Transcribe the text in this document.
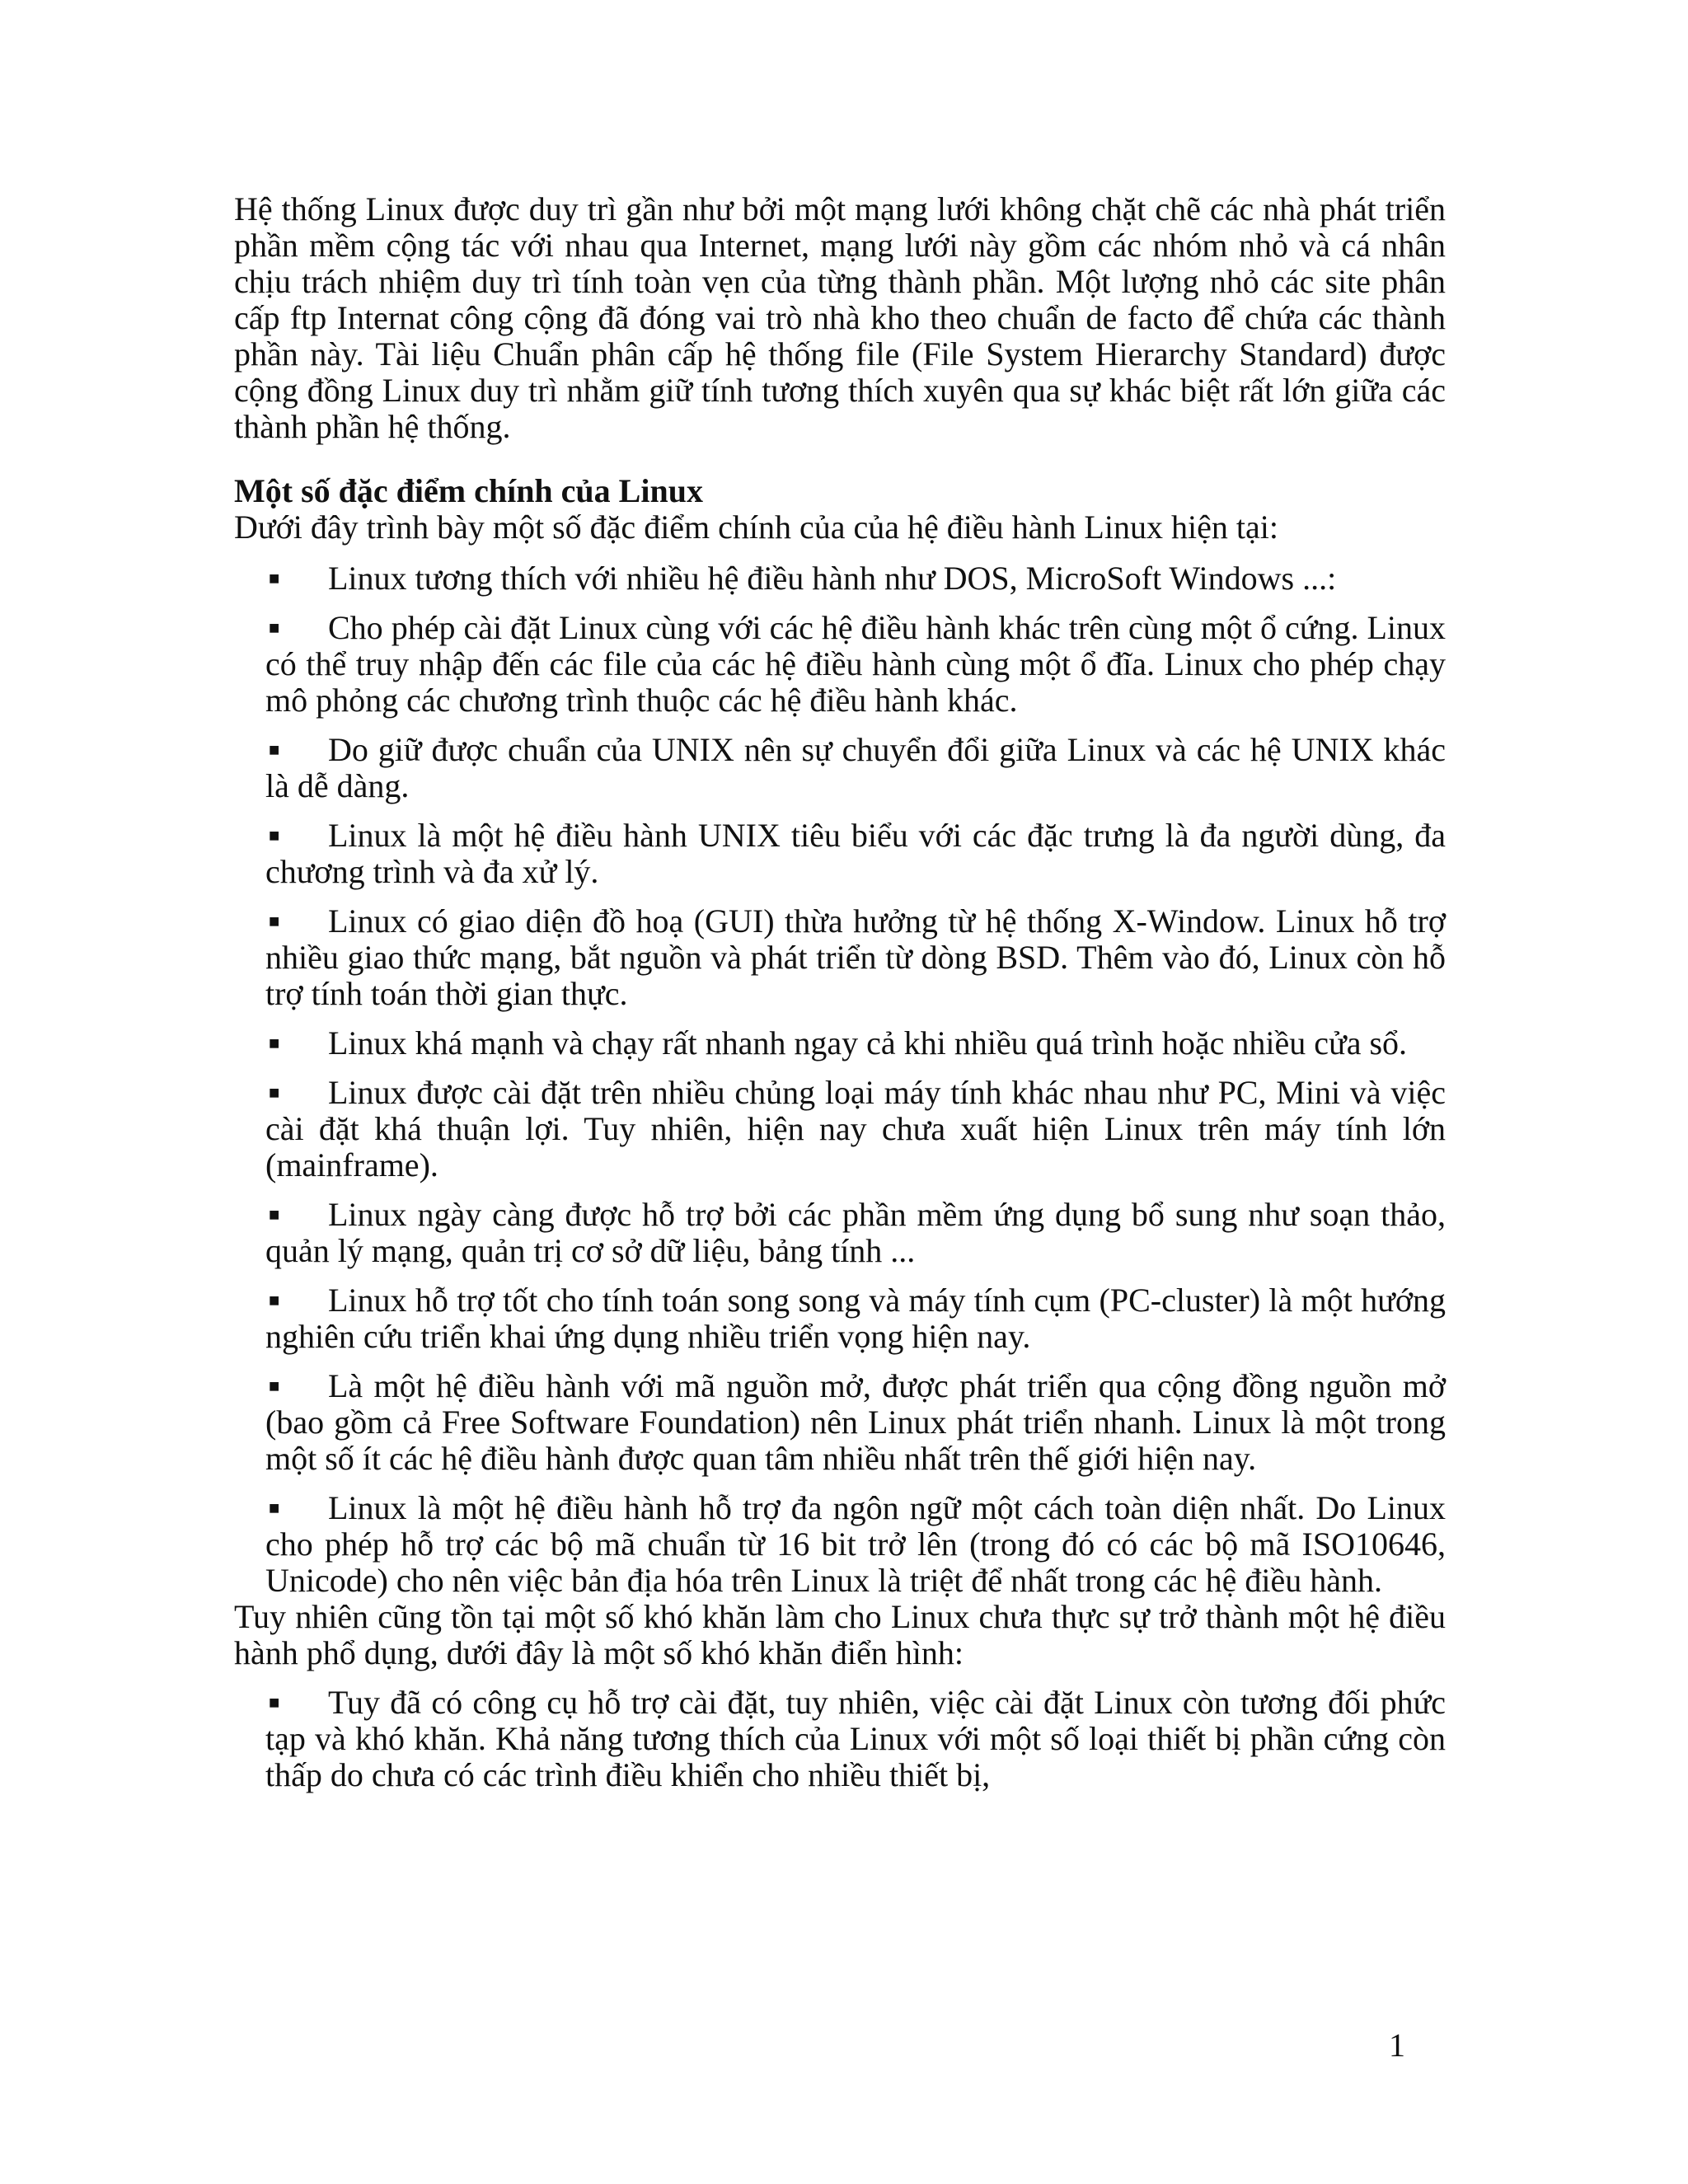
Hệ thống Linux được duy trì gần như bởi một mạng lưới không chặt chẽ các nhà phát triển phần mềm cộng tác với nhau qua Internet, mạng lưới này gồm các nhóm nhỏ và cá nhân chịu trách nhiệm duy trì tính toàn vẹn của từng thành phần. Một lượng nhỏ các site phân cấp ftp Internat công cộng đã đóng vai trò nhà kho theo chuẩn de facto để chứa các thành phần này. Tài liệu Chuẩn phân cấp hệ thống file (File System Hierarchy Standard) được cộng đồng Linux duy trì nhằm giữ tính tương thích xuyên qua sự khác biệt rất lớn giữa các thành phần hệ thống.

Một số đặc điểm chính của Linux

Dưới đây trình bày một số đặc điểm chính của của hệ điều hành Linux hiện tại:

■ Linux tương thích với nhiều hệ điều hành như DOS, MicroSoft Windows ...:
■ Cho phép cài đặt Linux cùng với các hệ điều hành khác trên cùng một ổ cứng. Linux có thể truy nhập đến các file của các hệ điều hành cùng một ổ đĩa. Linux cho phép chạy mô phỏng các chương trình thuộc các hệ điều hành khác.
■ Do giữ được chuẩn của UNIX nên sự chuyển đổi giữa Linux và các hệ UNIX khác là dễ dàng.
■ Linux là một hệ điều hành UNIX tiêu biểu với các đặc trưng là đa người dùng, đa chương trình và đa xử lý.
■ Linux có giao diện đồ hoạ (GUI) thừa hưởng từ hệ thống X-Window. Linux hỗ trợ nhiều giao thức mạng, bắt nguồn và phát triển từ dòng BSD. Thêm vào đó, Linux còn hỗ trợ tính toán thời gian thực.
■ Linux khá mạnh và chạy rất nhanh ngay cả khi nhiều quá trình hoặc nhiều cửa sổ.
■ Linux được cài đặt trên nhiều chủng loại máy tính khác nhau như PC, Mini và việc cài đặt khá thuận lợi. Tuy nhiên, hiện nay chưa xuất hiện Linux trên máy tính lớn (mainframe).
■ Linux ngày càng được hỗ trợ bởi các phần mềm ứng dụng bổ sung như soạn thảo, quản lý mạng, quản trị cơ sở dữ liệu, bảng tính ...
■ Linux hỗ trợ tốt cho tính toán song song và máy tính cụm (PC-cluster) là một hướng nghiên cứu triển khai ứng dụng nhiều triển vọng hiện nay.
■ Là một hệ điều hành với mã nguồn mở, được phát triển qua cộng đồng nguồn mở (bao gồm cả Free Software Foundation) nên Linux phát triển nhanh. Linux là một trong một số ít các hệ điều hành được quan tâm nhiều nhất trên thế giới hiện nay.
■ Linux là một hệ điều hành hỗ trợ đa ngôn ngữ một cách toàn diện nhất. Do Linux cho phép hỗ trợ các bộ mã chuẩn từ 16 bit trở lên (trong đó có các bộ mã ISO10646, Unicode) cho nên việc bản địa hóa trên Linux là triệt để nhất trong các hệ điều hành.

Tuy nhiên cũng tồn tại một số khó khăn làm cho Linux chưa thực sự trở thành một hệ điều hành phổ dụng, dưới đây là một số khó khăn điển hình:

■ Tuy đã có công cụ hỗ trợ cài đặt, tuy nhiên, việc cài đặt Linux còn tương đối phức tạp và khó khăn. Khả năng tương thích của Linux với một số loại thiết bị phần cứng còn thấp do chưa có các trình điều khiển cho nhiều thiết bị,
1
